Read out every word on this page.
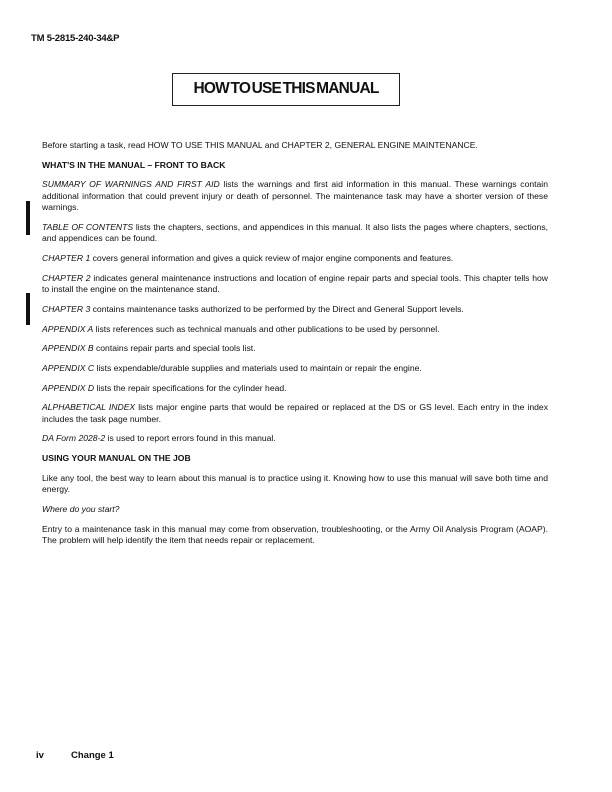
TM 5-2815-240-34&P
HOW TO USE THIS MANUAL

Before starting a task, read HOW TO USE THIS MANUAL and CHAPTER 2, GENERAL ENGINE MAINTENANCE.

WHAT'S IN THE MANUAL – FRONT TO BACK

SUMMARY OF WARNINGS AND FIRST AID lists the warnings and first aid information in this manual. These warnings contain additional information that could prevent injury or death of personnel. The maintenance task may have a shorter version of these warnings.

TABLE OF CONTENTS lists the chapters, sections, and appendices in this manual. It also lists the pages where chapters, sections, and appendices can be found.

CHAPTER 1 covers general information and gives a quick review of major engine components and features.

CHAPTER 2 indicates general maintenance instructions and location of engine repair parts and special tools. This chapter tells how to install the engine on the maintenance stand.

CHAPTER 3 contains maintenance tasks authorized to be performed by the Direct and General Support levels.

APPENDIX A lists references such as technical manuals and other publications to be used by personnel.

APPENDIX B contains repair parts and special tools list.

APPENDIX C lists expendable/durable supplies and materials used to maintain or repair the engine.

APPENDIX D lists the repair specifications for the cylinder head.

ALPHABETICAL INDEX lists major engine parts that would be repaired or replaced at the DS or GS level. Each entry in the index includes the task page number.

DA Form 2028-2 is used to report errors found in this manual.

USING YOUR MANUAL ON THE JOB

Like any tool, the best way to learn about this manual is to practice using it. Knowing how to use this manual will save both time and energy.

Where do you start?

Entry to a maintenance task in this manual may come from observation, troubleshooting, or the Army Oil Analysis Program (AOAP). The problem will help identify the item that needs repair or replacement.

iv	Change 1
